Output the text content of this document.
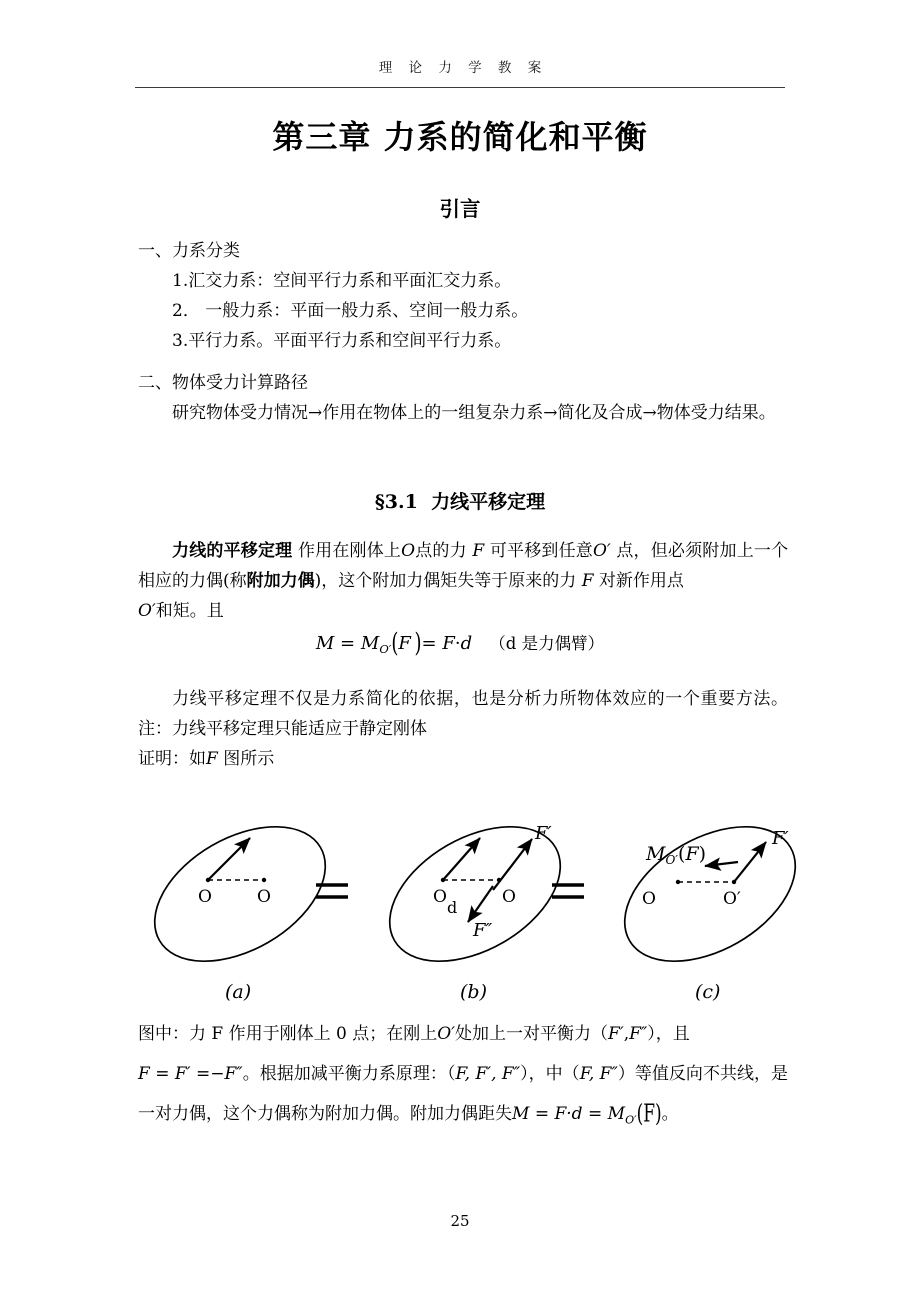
理 论 力 学 教 案
第三章 力系的简化和平衡
引言
一、力系分类
1.汇交力系：空间平行力系和平面汇交力系。
2． 一般力系：平面一般力系、空间一般力系。
3.平行力系。平面平行力系和空间平行力系。
二、物体受力计算路径
研究物体受力情况→作用在物体上的一组复杂力系→简化及合成→物体受力结果。
§3.1 力线平移定理

力线的平移定理 作用在刚体上O点的力 F 可平移到任意O′ 点，但必须附加上一个相应的力偶(称附加力偶)，这个附加力偶矩失等于原来的力 F 对新作用点
O′和矩。且

$M = M_{O'}(F$  )= F·d （d 是力偶臂）

力线平移定理不仅是力系简化的依据，也是分析力所物体效应的一个重要方法。注：力线平移定理只能适应于静定刚体

证明：如F 图所示

O	O
(a)
O	O
d
F′
F″
(b)
O	O′
$M_{O'}(F)$
F′
(c)

图中：力 F 作用于刚体上 0 点；在刚上O′处加上一对平衡力（F′,F″），且

F = F′ =−F″。根据加减平衡力系原理：（F, F′, F″），中（F, F″）等值反向不共线，是一对力偶，这个力偶称为附加力偶。附加力偶距失$M = F\cdot d = M_{O'}(F)$。

25
